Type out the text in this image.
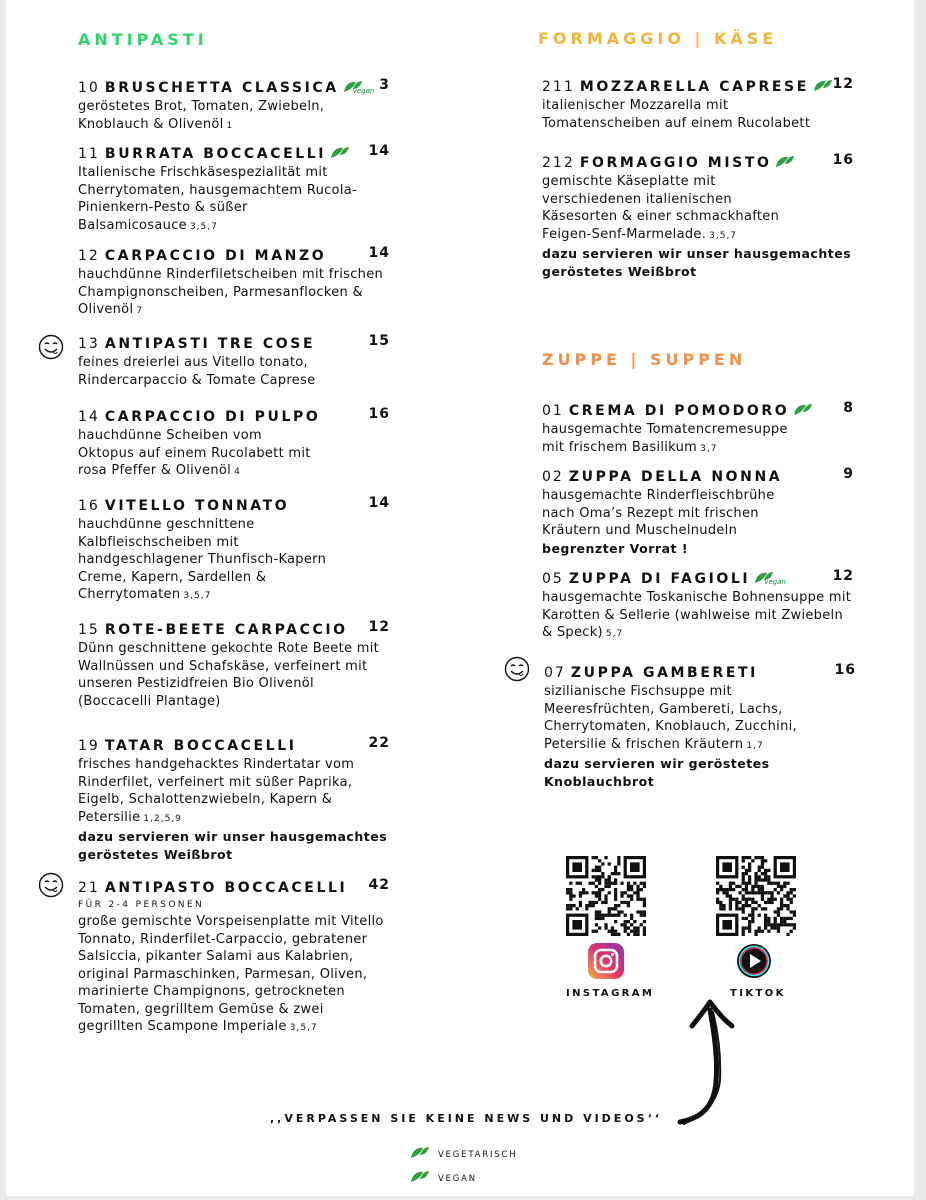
ANTIPASTI
10 BRUSCHETTA CLASSICA vegan 3
geröstetes Brot, Tomaten, Zwiebeln, Knoblauch & Olivenöl 1
11 BURRATA BOCCACELLI	14
Italienische Frischkäsespezialität mit Cherrytomaten, hausgemachtem Rucola-Pinienkern-Pesto & süßer Balsamicosauce 3,5,7
12 CARPACCIO DI MANZO	14
hauchdünne Rinderfiletscheiben mit frischen Champignonscheiben, Parmesanflocken & Olivenöl 7
13 ANTIPASTI TRE COSE	15
feines dreierlei aus Vitello tonato, Rindercarpaccio & Tomate Caprese
14 CARPACCIO DI PULPO	16
hauchdünne Scheiben vom Oktopus auf einem Rucolabett mit rosa Pfeffer & Olivenöl 4
16 VITELLO TONNATO	14
hauchdünne geschnittene Kalbfleischscheiben mit handgeschlagener Thunfisch-Kapern Creme, Kapern, Sardellen & Cherrytomaten 3,5,7
15 ROTE-BEETE CARPACCIO 12
Dünn geschnittene gekochte Rote Beete mit Wallnüssen und Schafskäse, verfeinert mit unseren Pestizidfreien Bio Olivenöl (Boccacelli Plantage)
19 TATAR BOCCACELLI	22
frisches handgehacktes Rindertatar vom Rinderfilet, verfeinert mit süßer Paprika, Eigelb, Schalottenzwiebeln, Kapern & Petersilie 1,2,5,9
dazu servieren wir unser hausgemachtes geröstetes Weißbrot
21 ANTIPASTO BOCCACELLI 42
FÜR 2-4 PERSONEN
große gemischte Vorspeisenplatte mit Vitello Tonnato, Rinderfilet-Carpaccio, gebratener Salsiccia, pikanter Salami aus Kalabrien, original Parmaschinken, Parmesan, Oliven, marinierte Champignons, getrockneten Tomaten, gegrilltem Gemüse & zwei gegrillten Scampone Imperiale 3,5,7
FORMAGGIO | KÄSE
211 MOZZARELLA CAPRESE 12
italienischer Mozzarella mit Tomatenscheiben auf einem Rucolabett
212 FORMAGGIO MISTO	16
gemischte Käseplatte mit verschiedenen italienischen Käsesorten & einer schmackhaften Feigen-Senf-Marmelade. 3,5,7
dazu servieren wir unser hausgemachtes geröstetes Weißbrot
ZUPPE | SUPPEN
01 CREMA DI POMODORO	8
hausgemachte Tomatencremesuppe mit frischem Basilikum 3,7
02 ZUPPA DELLA NONNA	9
hausgemachte Rinderfleischbrühe nach Oma’s Rezept mit frischen Kräutern und Muschelnudeln
begrenzter Vorrat !
05 ZUPPA DI FAGIOLI vegan	12
hausgemachte Toskanische Bohnensuppe mit Karotten & Sellerie (wahlweise mit Zwiebeln & Speck) 5,7
07 ZUPPA GAMBERETI	16
sizilianische Fischsuppe mit Meeresfrüchten, Gambereti, Lachs, Cherrytomaten, Knoblauch, Zucchini, Petersilie & frischen Kräutern 1,7
dazu servieren wir geröstetes Knoblauchbrot
INSTAGRAM	TIKTOK
,,VERPASSEN SIE KEINE NEWS UND VIDEOS‘‘
VEGETARISCH
VEGAN
